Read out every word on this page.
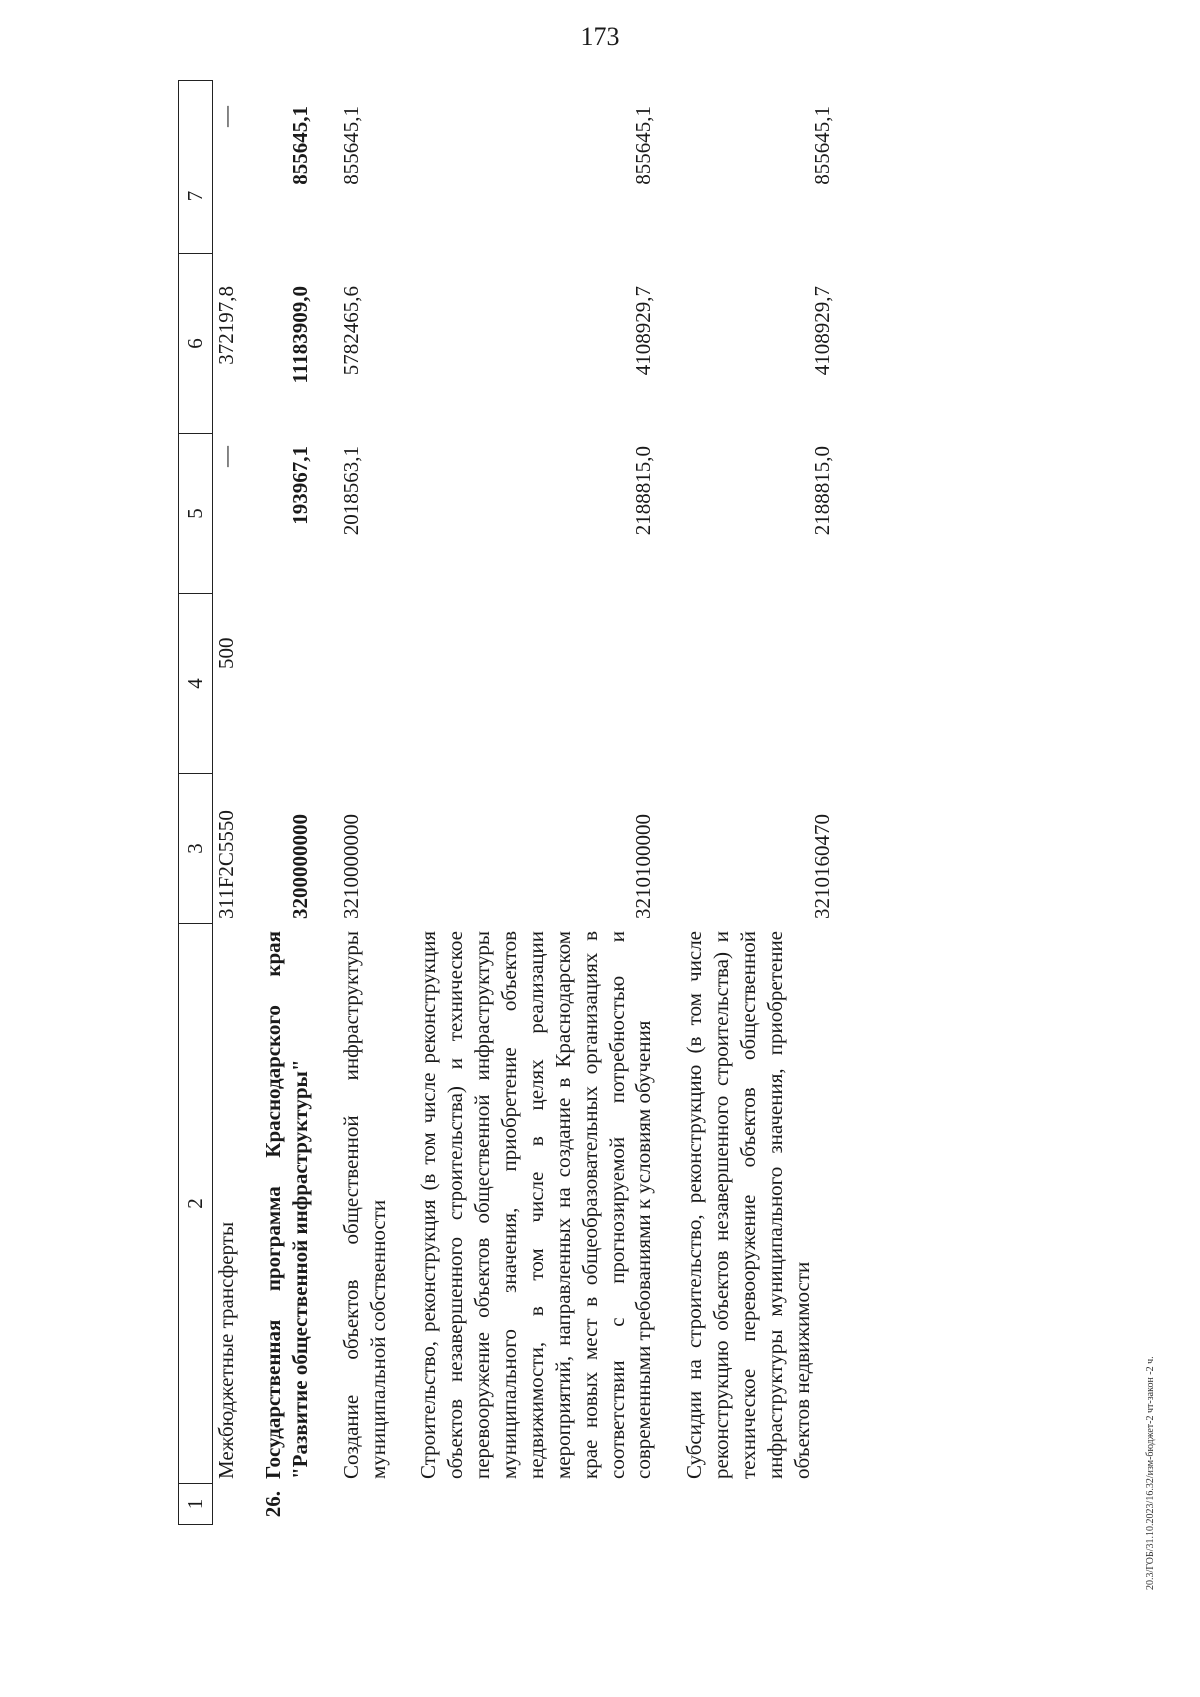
173
1
2
3
4
5
6
7
Межбюджетные трансферты
311F2C5550
500
—
372197,8
—
26.
Государственная программа Краснодарского края "Развитие общественной инфраструктуры"
3200000000
193967,1
11183909,0
855645,1
Создание объектов общественной инфраструктуры муниципальной собственности
3210000000
2018563,1
5782465,6
855645,1
Строительство, реконструкция (в том числе реконструкция объектов незавершенного строительства) и техническое перевооружение объектов общественной инфраструктуры муниципального значения, приобретение объектов недвижимости, в том числе в целях реализации мероприятий, направленных на создание в Краснодарском крае новых мест в общеобразовательных организациях в соответствии с прогнозируемой потребностью и современными требованиями к условиям обучения
3210100000
2188815,0
4108929,7
855645,1
Субсидии на строительство, реконструкцию (в том числе реконструкцию объектов незавершенного строительства) и техническое перевооружение объектов общественной инфраструктуры муниципального значения, приобретение объектов недвижимости
3210160470
2188815,0
4108929,7
855645,1
20.3/ГОБ/31.10.2023/16.32/изм-бюджет-2 чт-закон -2 ч.
